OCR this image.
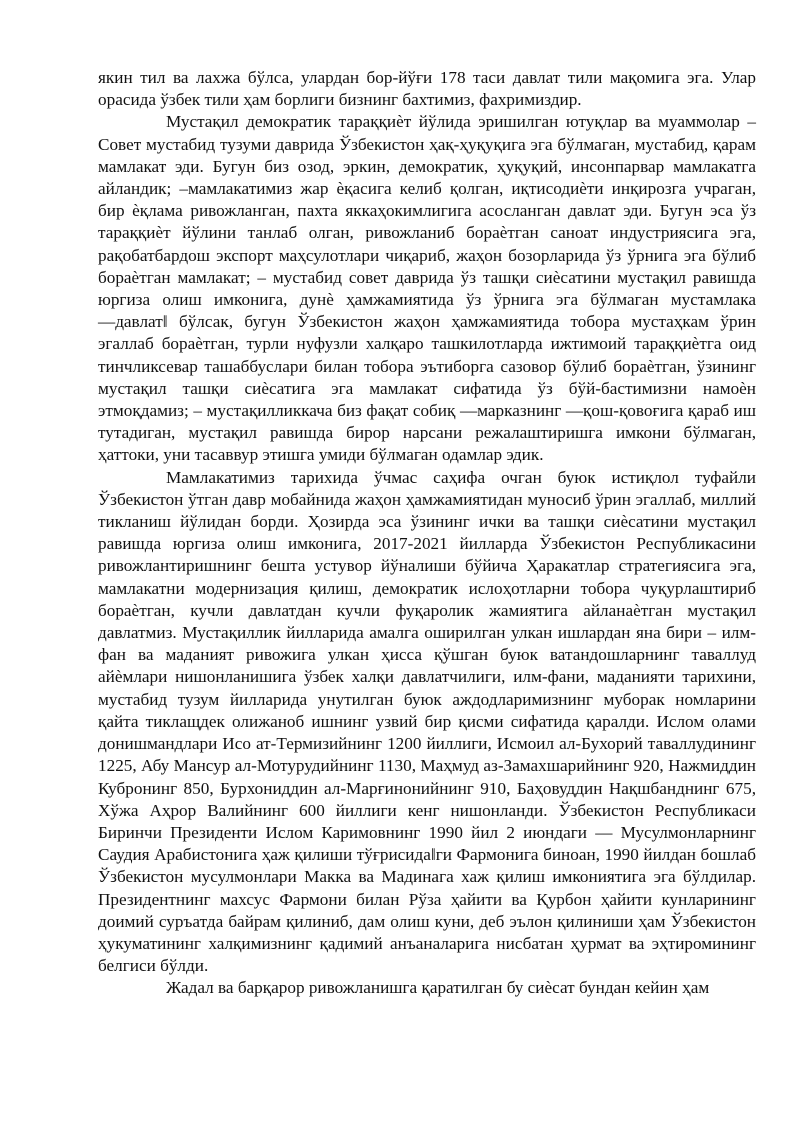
якин тил ва лахжа бўлса, улардан бор-йўғи 178 таси давлат тили мақомига эга. Улар орасида ўзбек тили ҳам борлиги бизнинг бахтимиз, фахримиздир.

Мустақил демократик тараққиѐт йўлида эришилган ютуқлар ва муаммолар – Совет мустабид тузуми даврида Ўзбекистон ҳақ-ҳуқуқига эга бўлмаган, мустабид, қарам мамлакат эди. Бугун биз озод, эркин, демократик, ҳуқуқий, инсонпарвар мамлакатга айландик; –мамлакатимиз жар ѐқасига келиб қолган, иқтисодиѐти инқирозга учраган, бир ѐқлама ривожланган, пахта яккаҳокимлигига асосланган давлат эди. Бугун эса ўз тараққиѐт йўлини танлаб олган, ривожланиб бораѐтган саноат индустриясига эга, рақобатбардош экспорт маҳсулотлари чиқариб, жаҳон бозорларида ўз ўрнига эга бўлиб бораѐтган мамлакат; – мустабид совет даврида ўз ташқи сиѐсатини мустақил равишда юргиза олиш имконига, дунѐ ҳамжамиятида ўз ўрнига эга бўлмаган мустамлака ―давлат‖ бўлсак, бугун Ўзбекистон жаҳон ҳамжамиятида тобора мустаҳкам ўрин эгаллаб бораѐтган, турли нуфузли халқаро ташкилотларда ижтимоий тараққиѐтга оид тинчликсевар ташаббуслари билан тобора эътиборга сазовор бўлиб бораѐтган, ўзининг мустақил ташқи сиѐсатига эга мамлакат сифатида ўз бўй-бастимизни намоѐн этмоқдамиз; – мустақилликкача биз фақат собиқ ―марказнинг ―қош-қовоғига қараб иш тутадиган, мустақил равишда бирор нарсани режалаштиришга имкони бўлмаган, ҳаттоки, уни тасаввур этишга умиди бўлмаган одамлар эдик.

Мамлакатимиз тарихида ўчмас саҳифа очган буюк истиқлол туфайли Ўзбекистон ўтган давр мобайнида жаҳон ҳамжамиятидан муносиб ўрин эгаллаб, миллий тикланиш йўлидан борди. Ҳозирда эса ўзининг ички ва ташқи сиѐсатини мустақил равишда юргиза олиш имконига, 2017-2021 йилларда Ўзбекистон Республикасини ривожлантиришнинг бешта устувор йўналиши бўйича Ҳаракатлар стратегиясига эга, мамлакатни модернизация қилиш, демократик ислоҳотларни тобора чуқурлаштириб бораѐтган, кучли давлатдан кучли фуқаролик жамиятига айланаѐтган мустақил давлатмиз. Мустақиллик йилларида амалга оширилган улкан ишлардан яна бири – илм-фан ва маданият ривожига улкан ҳисса қўшган буюк ватандошларнинг таваллуд айѐмлари нишонланишига ўзбек халқи давлатчилиги, илм-фани, маданияти тарихини, мустабид тузум йилларида унутилган буюк аждодларимизнинг муборак номларини қайта тиклащдек олижаноб ишнинг узвий бир қисми сифатида қаралди. Ислом олами донишмандлари Исо ат-Термизийнинг 1200 йиллиги, Исмоил ал-Бухорий таваллудининг 1225, Абу Мансур ал-Мотурудийнинг 1130, Маҳмуд аз-Замахшарийнинг 920, Нажмиддин Кубронинг 850, Бурхониддин ал-Марғинонийнинг 910, Баҳовуддин Нақшбанднинг 675, Хўжа Аҳрор Валийнинг 600 йиллиги кенг нишонланди. Ўзбекистон Республикаси Биринчи Президенти Ислом Каримовнинг 1990 йил 2 июндаги ― Мусулмонларнинг Саудия Арабистонига ҳаж қилиши тўғрисида‖ги Фармонига биноан, 1990 йилдан бошлаб Ўзбекистон мусулмонлари Макка ва Мадинага хаж қилиш имкониятига эга бўлдилар. Президентнинг махсус Фармони билан Рўза ҳайити ва Қурбон ҳайити кунларининг доимий суръатда байрам қилиниб, дам олиш куни, деб эълон қилиниши ҳам Ўзбекистон ҳукуматининг халқимизнинг қадимий анъаналарига нисбатан ҳурмат ва эҳтиромининг белгиси бўлди.

Жадал ва барқарор ривожланишга қаратилган бу сиѐсат бундан кейин ҳам
